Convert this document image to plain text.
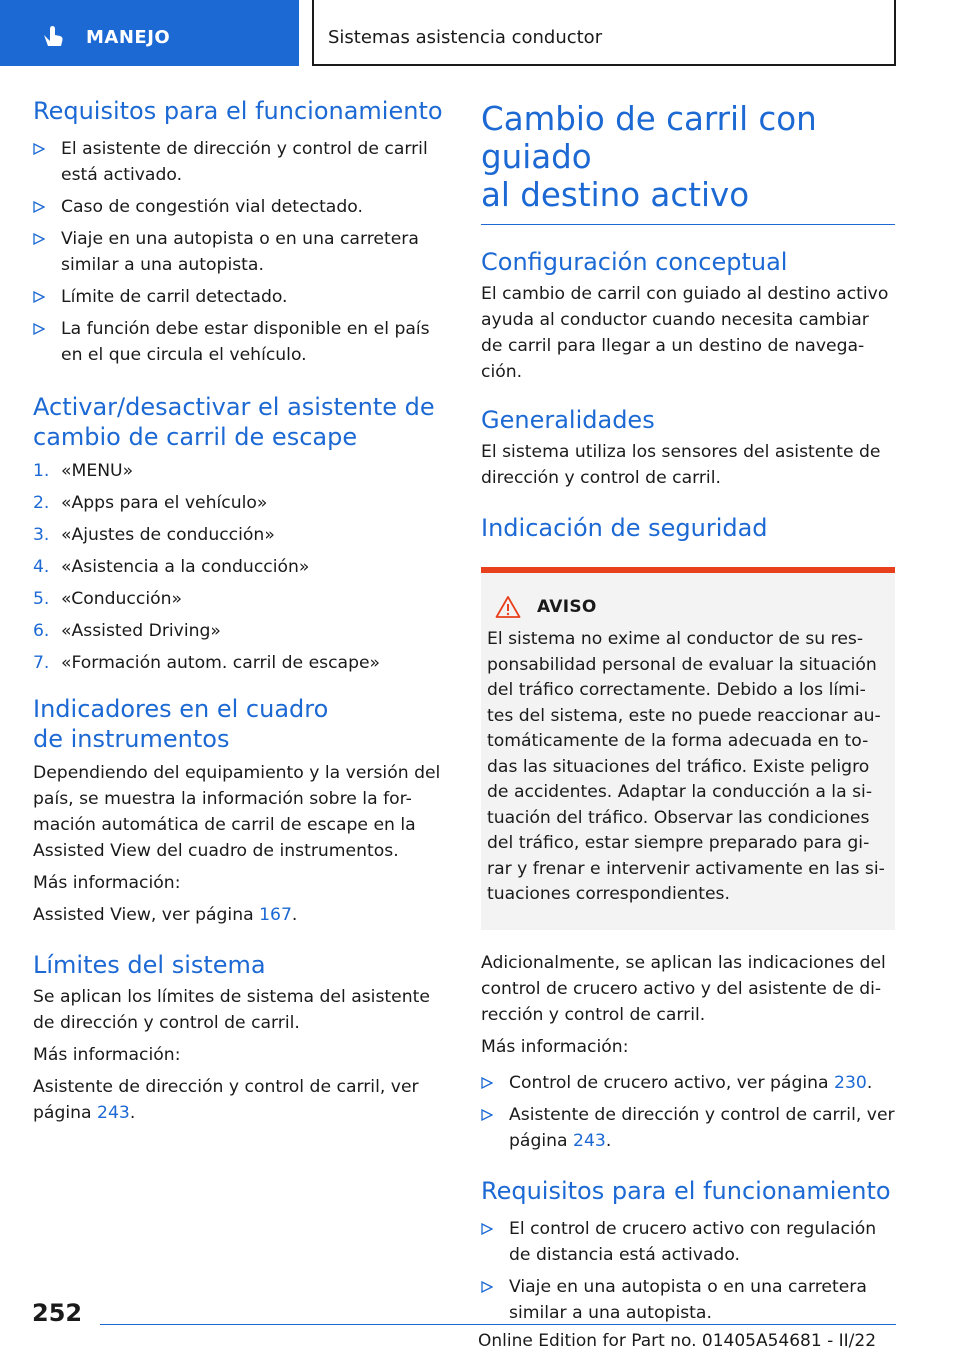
MANEJO	Sistemas asistencia conductor
Requisitos para el funcionamiento
El asistente de dirección y control de carril está activado.
Caso de congestión vial detectado.
Viaje en una autopista o en una carretera similar a una autopista.
Límite de carril detectado.
La función debe estar disponible en el país en el que circula el vehículo.
Activar/desactivar el asistente de
cambio de carril de escape
1. «MENU»
2. «Apps para el vehículo»
3. «Ajustes de conducción»
4. «Asistencia a la conducción»
5. «Conducción»
6. «Assisted Driving»
7. «Formación autom. carril de escape»
Indicadores en el cuadro
de instrumentos

Dependiendo del equipamiento y la versión del
país, se muestra la información sobre la for-
mación automática de carril de escape en la
Assisted View del cuadro de instrumentos.

Más información:

Assisted View, ver página 167.

Límites del sistema

Se aplican los límites de sistema del asistente
de dirección y control de carril.

Más información:

Asistente de dirección y control de carril, ver
página 243.

Cambio de carril con guiado
al destino activo
Configuración conceptual

El cambio de carril con guiado al destino activo
ayuda al conductor cuando necesita cambiar
de carril para llegar a un destino de navega-
ción.

Generalidades

El sistema utiliza los sensores del asistente de
dirección y control de carril.

Indicación de seguridad
AVISO

El sistema no exime al conductor de su res-
ponsabilidad personal de evaluar la situación
del tráfico correctamente. Debido a los lími-
tes del sistema, este no puede reaccionar au-
tomáticamente de la forma adecuada en to-
das las situaciones del tráfico. Existe peligro
de accidentes. Adaptar la conducción a la si-
tuación del tráfico. Observar las condiciones
del tráfico, estar siempre preparado para gi-
rar y frenar e intervenir activamente en las si-
tuaciones correspondientes.

Adicionalmente, se aplican las indicaciones del
control de crucero activo y del asistente de di-
rección y control de carril.

Más información:

Control de crucero activo, ver página 230.
Asistente de dirección y control de carril, ver página 243.
Requisitos para el funcionamiento
El control de crucero activo con regulación de distancia está activado.
Viaje en una autopista o en una carretera similar a una autopista.
252
Online Edition for Part no. 01405A54681 - II/22
